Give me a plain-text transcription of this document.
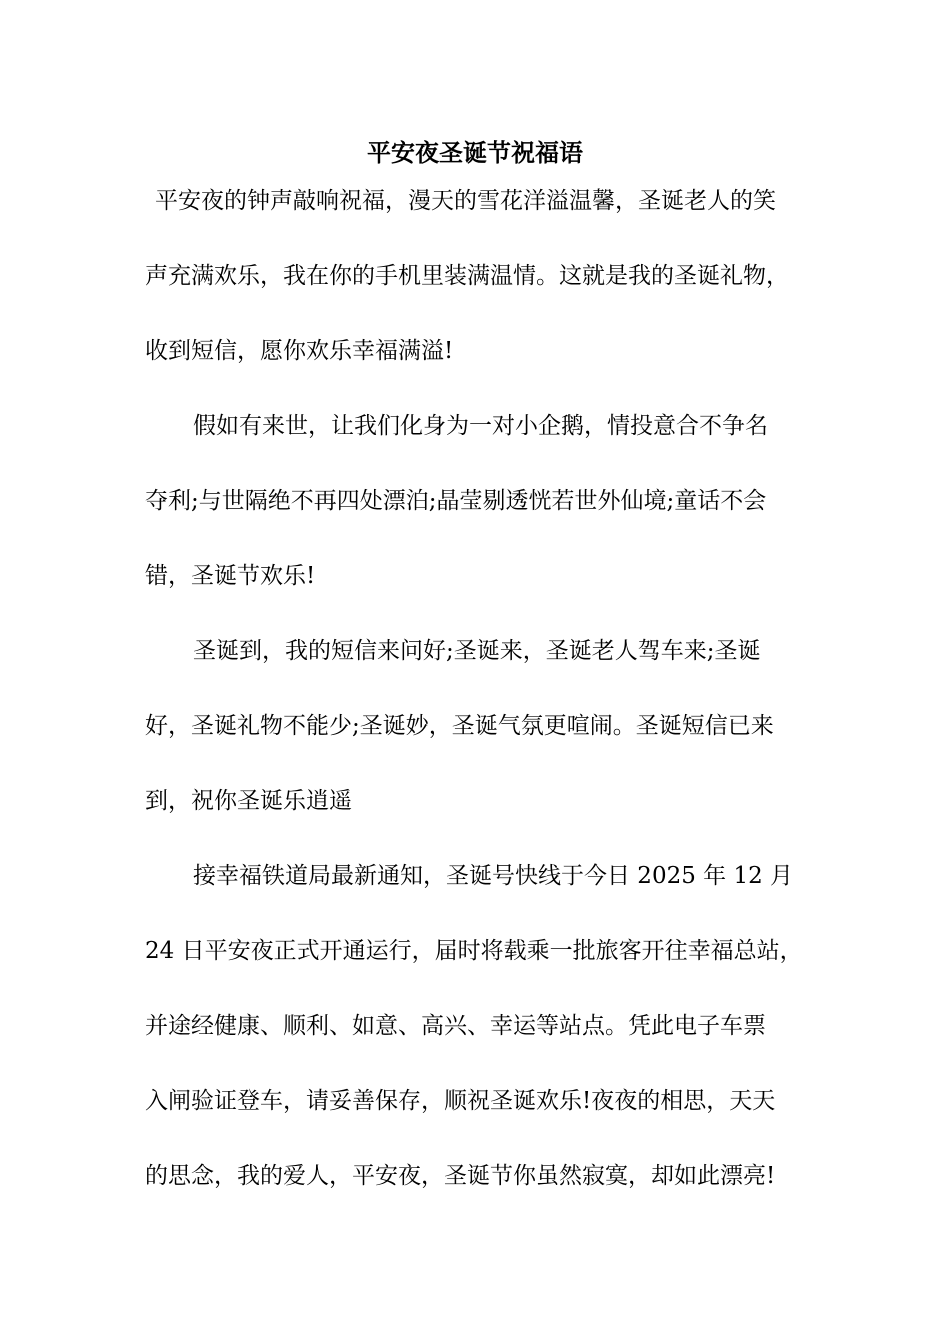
平安夜圣诞节祝福语
平安夜的钟声敲响祝福，漫天的雪花洋溢温馨，圣诞老人的笑
声充满欢乐，我在你的手机里装满温情。这就是我的圣诞礼物，
收到短信，愿你欢乐幸福满溢!
假如有来世，让我们化身为一对小企鹅，情投意合不争名
夺利;与世隔绝不再四处漂泊;晶莹剔透恍若世外仙境;童话不会
错，圣诞节欢乐!
圣诞到，我的短信来问好;圣诞来，圣诞老人驾车来;圣诞
好，圣诞礼物不能少;圣诞妙，圣诞气氛更喧闹。圣诞短信已来
到，祝你圣诞乐逍遥
接幸福铁道局最新通知，圣诞号快线于今日 2025 年 12 月
24 日平安夜正式开通运行，届时将载乘一批旅客开往幸福总站，
并途经健康、顺利、如意、高兴、幸运等站点。凭此电子车票
入闸验证登车，请妥善保存，顺祝圣诞欢乐!夜夜的相思，天天
的思念，我的爱人，平安夜，圣诞节你虽然寂寞，却如此漂亮!
